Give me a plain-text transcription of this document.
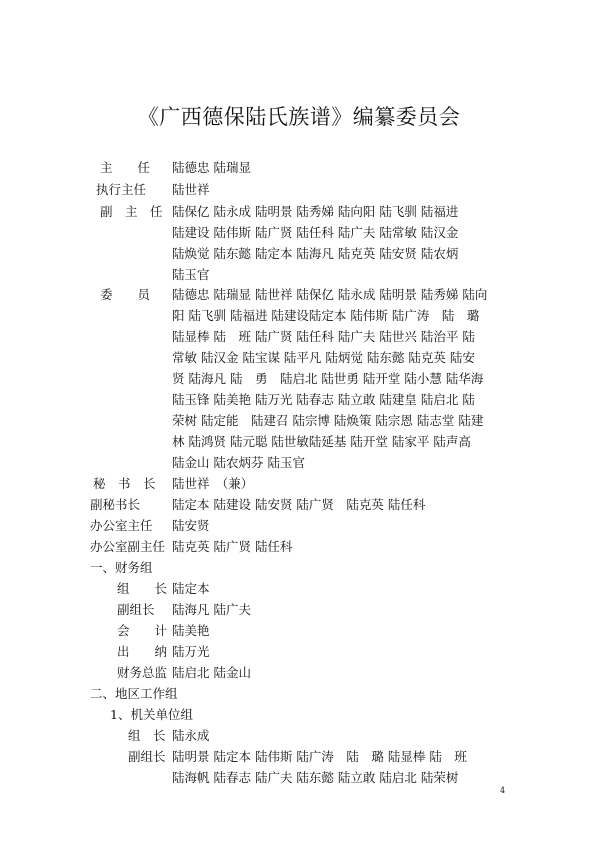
《广西德保陆氏族谱》编纂委员会
主　　任 陆德忠 陆瑞显
执行主任 陆世祥
副　主　任 陆保亿 陆永成 陆明景 陆秀娣 陆向阳 陆飞驯 陆福进
陆建设 陆伟斯 陆广贤 陆任科 陆广夫 陆常敏 陆汉金
陆焕觉 陆东懿 陆定本 陆海凡 陆克英 陆安贤 陆农炳
陆玉官
委　　员 陆德忠 陆瑞显 陆世祥 陆保亿 陆永成 陆明景 陆秀娣 陆向
阳 陆飞驯 陆福进 陆建设陆定本 陆伟斯 陆广涛　陆　璐
陆显棒 陆　班 陆广贤 陆任科 陆广夫 陆世兴 陆治平 陆
常敏 陆汉金 陆宝谋 陆平凡 陆炳觉 陆东懿 陆克英 陆安
贤 陆海凡 陆　勇　陆启北 陆世勇 陆开堂 陆小慧 陆华海
陆玉锋 陆美艳 陆万光 陆春志 陆立敢 陆建皇 陆启北 陆
荣树 陆定能　陆建召 陆宗博 陆焕策 陆宗恩 陆志堂 陆建
林 陆鸿贤 陆元聪 陆世敏陆延基 陆开堂 陆家平 陆声高
陆金山 陆农炳芬 陆玉官
秘　书　长 陆世祥　（兼）
副秘书长	陆定本 陆建设 陆安贤 陆广贤　陆克英 陆任科
办公室主任 陆安贤
办公室副主任 陆克英 陆广贤 陆任科
一、财务组
组　　长 陆定本
副组长 陆海凡 陆广夫
会　　计 陆美艳
出　　纳 陆万光
财务总监 陆启北 陆金山
二、地区工作组
1、机关单位组
组　长 陆永成
副组长 陆明景 陆定本 陆伟斯 陆广涛　陆　璐 陆显棒 陆　班
陆海帆 陆春志 陆广夫 陆东懿 陆立敢 陆启北 陆荣树
4
